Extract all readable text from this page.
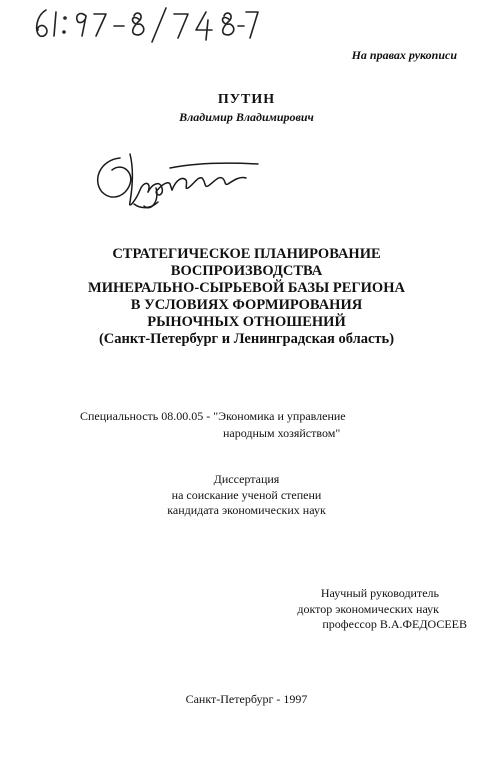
На правах рукописи
ПУТИН
Владимир Владимирович
СТРАТЕГИЧЕСКОЕ ПЛАНИРОВАНИЕ
ВОСПРОИЗВОДСТВА
МИНЕРАЛЬНО-СЫРЬЕВОЙ БАЗЫ РЕГИОНА
В УСЛОВИЯХ ФОРМИРОВАНИЯ
РЫНОЧНЫХ ОТНОШЕНИЙ
(Санкт-Петербург и Ленинградская область)
Специальность 08.00.05 - "Экономика и управление
народным хозяйством"
Диссертация
на соискание ученой степени
кандидата экономических наук
Научный руководитель
доктор экономических наук
профессор В.А.ФЕДОСЕЕВ
Санкт-Петербург - 1997
